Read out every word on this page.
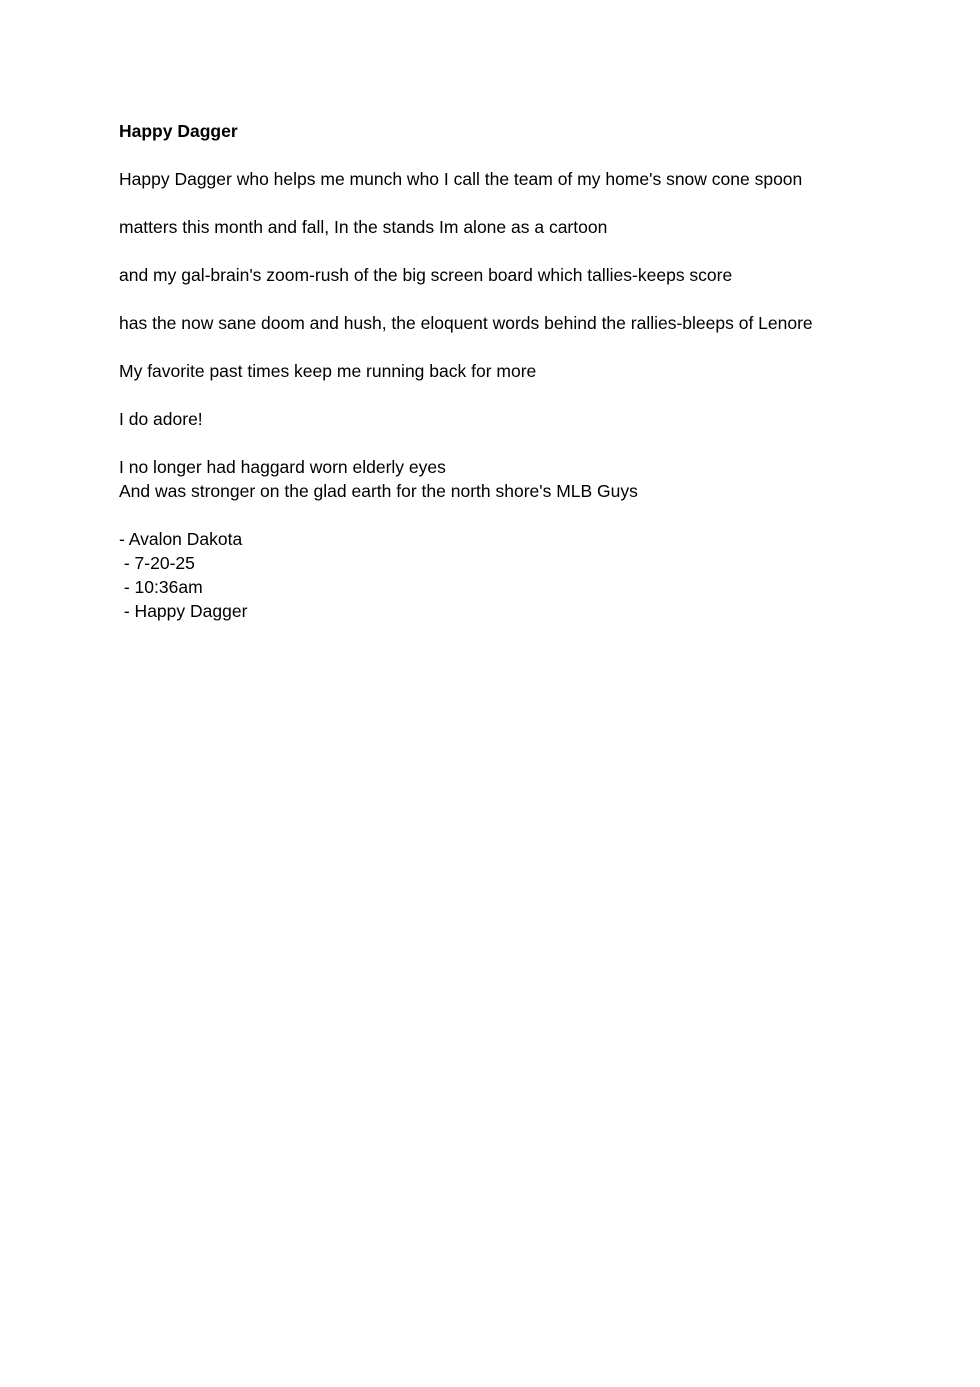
Happy Dagger
Happy Dagger who helps me munch who I call the team of my home's snow cone spoon
matters this month and fall, In the stands Im alone as a cartoon
and my gal-brain's zoom-rush of the big screen board which tallies-keeps score
has the now sane doom and hush, the eloquent words behind the rallies-bleeps of Lenore
My favorite past times keep me running back for more
I do adore!
I no longer had haggard worn elderly eyes
And was stronger on the glad earth for the north shore's MLB Guys
- Avalon Dakota
- 7-20-25
- 10:36am
- Happy Dagger
